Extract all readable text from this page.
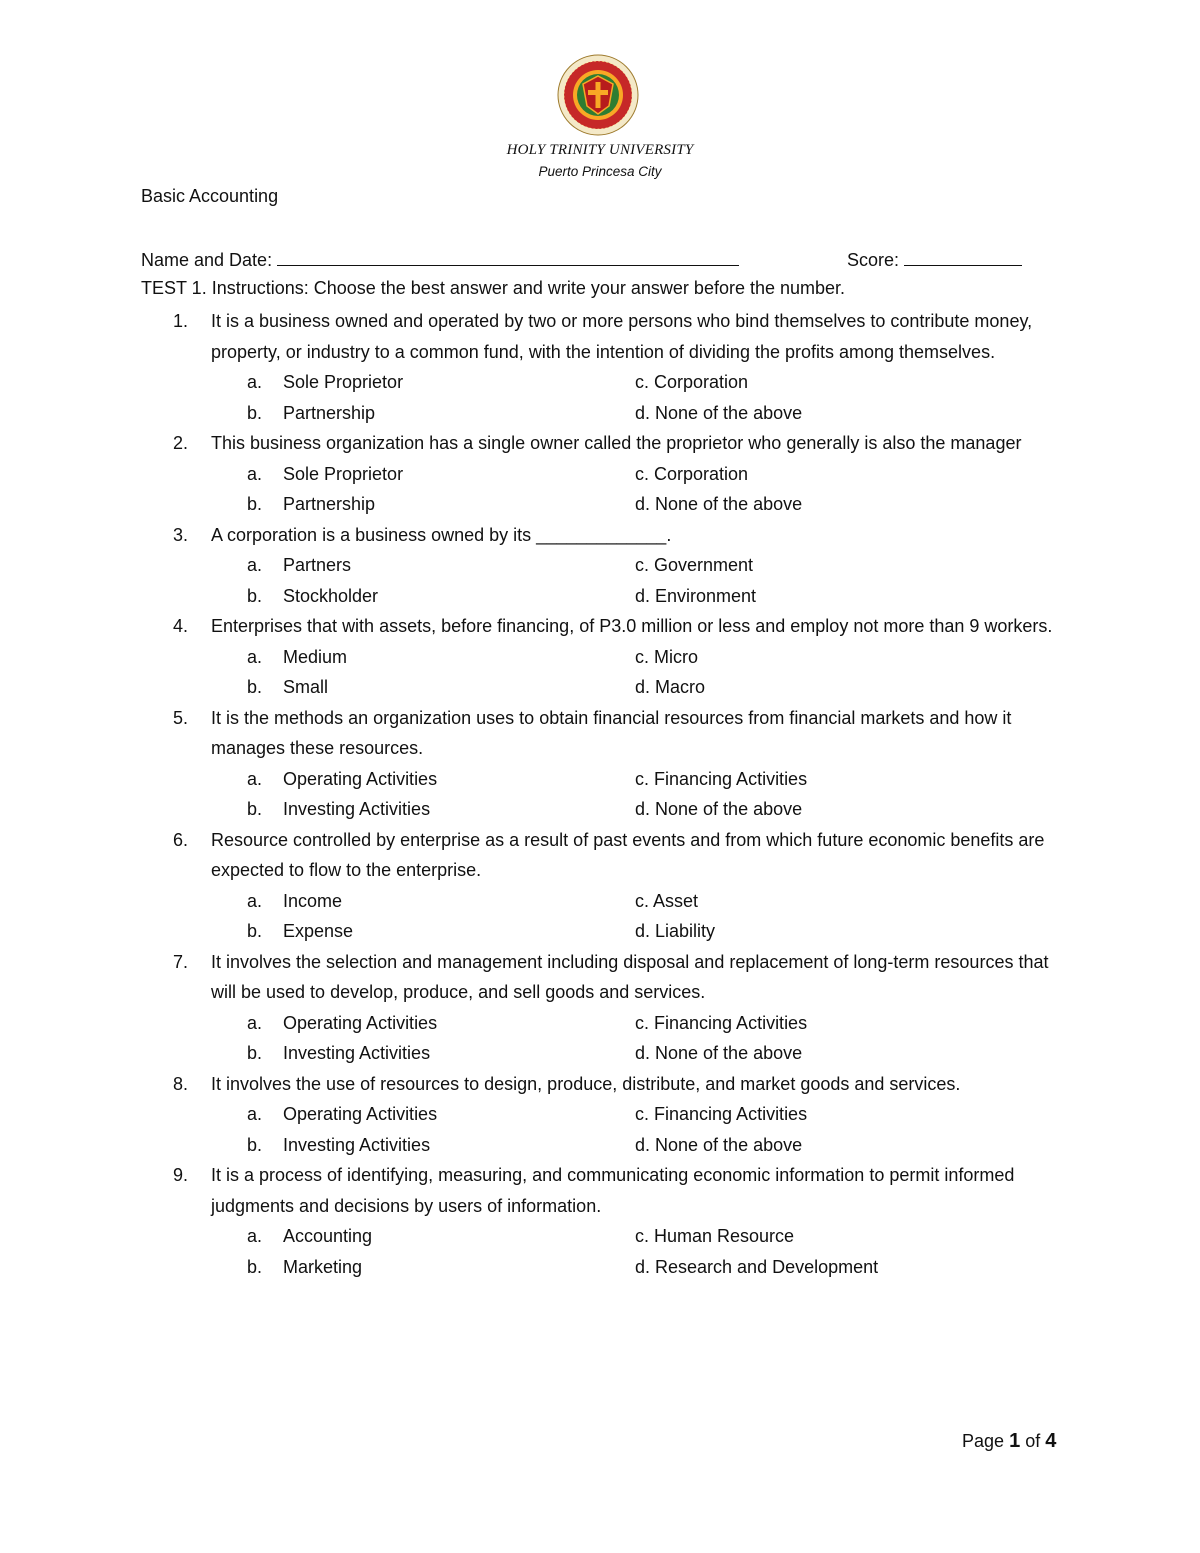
HOLY TRINITY UNIVERSITY
Puerto Princesa City
Basic Accounting
Name and Date:	Score:
TEST 1. Instructions: Choose the best answer and write your answer before the number.
1. It is a business owned and operated by two or more persons who bind themselves to contribute money, property, or industry to a common fund, with the intention of dividing the profits among themselves.
a. Sole Proprietor	c. Corporation
b. Partnership	d. None of the above
2. This business organization has a single owner called the proprietor who generally is also the manager
a. Sole Proprietor	c. Corporation
b. Partnership	d. None of the above
3. A corporation is a business owned by its _____________.
a. Partners	c. Government
b. Stockholder	d. Environment
4. Enterprises that with assets, before financing, of P3.0 million or less and employ not more than 9 workers.
a. Medium	c. Micro
b. Small	d. Macro
5. It is the methods an organization uses to obtain financial resources from financial markets and how it manages these resources.
a. Operating Activities	c. Financing Activities
b. Investing Activities	d. None of the above
6. Resource controlled by enterprise as a result of past events and from which future economic benefits are expected to flow to the enterprise.
a. Income	c. Asset
b. Expense	d. Liability
7. It involves the selection and management including disposal and replacement of long-term resources that will be used to develop, produce, and sell goods and services.
a. Operating Activities	c. Financing Activities
b. Investing Activities	d. None of the above
8. It involves the use of resources to design, produce, distribute, and market goods and services.
a. Operating Activities	c. Financing Activities
b. Investing Activities	d. None of the above
9. It is a process of identifying, measuring, and communicating economic information to permit informed judgments and decisions by users of information.
a. Accounting	c. Human Resource
b. Marketing	d. Research and Development
Page 1 of 4
